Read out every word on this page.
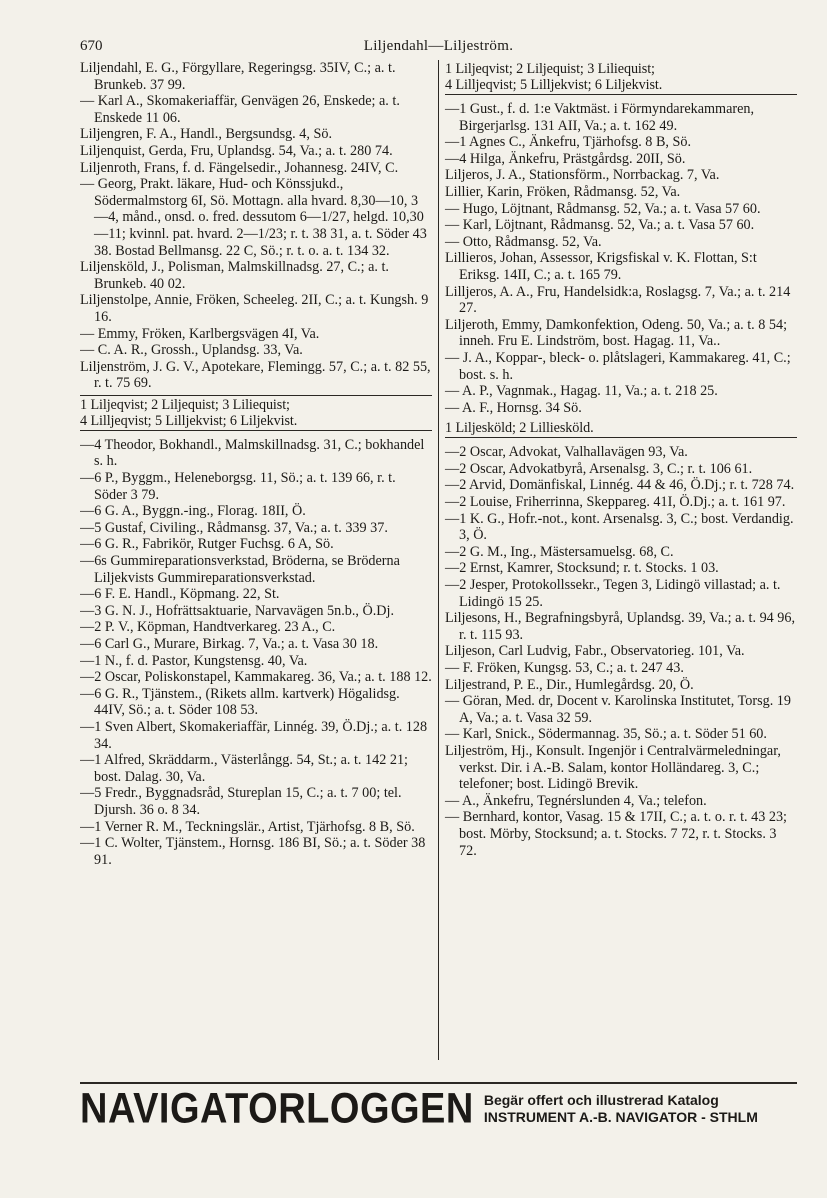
670	Liljendahl—Liljeström.

Liljendahl, E. G., Förgyllare, Regeringsg. 35IV, C.; a. t. Brunkeb. 37 99.

— Karl A., Skomakeriaffär, Genvägen 26, Enskede; a. t. Enskede 11 06.

Liljengren, F. A., Handl., Bergsundsg. 4, Sö.

Liljenquist, Gerda, Fru, Uplandsg. 54, Va.; a. t. 280 74.

Liljenroth, Frans, f. d. Fängelsedir., Johannesg. 24IV, C.

— Georg, Prakt. läkare, Hud- och Könssjukd., Södermalmstorg 6I, Sö. Mottagn. alla hvard. 8,30—10, 3—4, månd., onsd. o. fred. dessutom 6—1/27, helgd. 10,30—11; kvinnl. pat. hvard. 2—1/23; r. t. 38 31, a. t. Söder 43 38. Bostad Bellmansg. 22 C, Sö.; r. t. o. a. t. 134 32.

Liljensköld, J., Polisman, Malmskillnadsg. 27, C.; a. t. Brunkeb. 40 02.

Liljenstolpe, Annie, Fröken, Scheeleg. 2II, C.; a. t. Kungsh. 9 16.

— Emmy, Fröken, Karlbergsvägen 4I, Va.

— C. A. R., Grossh., Uplandsg. 33, Va.

Liljenström, J. G. V., Apotekare, Flemingg. 57, C.; a. t. 82 55, r. t. 75 69.

1 Liljeqvist; 2 Liljequist; 3 Liliequist;
4 Lilljeqvist; 5 Lilljekvist; 6 Liljekvist.

—4 Theodor, Bokhandl., Malmskillnadsg. 31, C.; bokhandel s. h.

—6 P., Byggm., Heleneborgsg. 11, Sö.; a. t. 139 66, r. t. Söder 3 79.

—6 G. A., Byggn.-ing., Florag. 18II, Ö.

—5 Gustaf, Civiling., Rådmansg. 37, Va.; a. t. 339 37.

—6 G. R., Fabrikör, Rutger Fuchsg. 6 A, Sö.

—6s Gummireparationsverkstad, Bröderna, se Bröderna Liljekvists Gummireparationsverkstad.

—6 F. E. Handl., Köpmang. 22, St.

—3 G. N. J., Hofrättsaktuarie, Narvavägen 5n.b., Ö.Dj.

—2 P. V., Köpman, Handtverkareg. 23 A., C.

—6 Carl G., Murare, Birkag. 7, Va.; a. t. Vasa 30 18.

—1 N., f. d. Pastor, Kungstensg. 40, Va.

—2 Oscar, Poliskonstapel, Kammakareg. 36, Va.; a. t. 188 12.

—6 G. R., Tjänstem., (Rikets allm. kartverk) Högalidsg. 44IV, Sö.; a. t. Söder 108 53.

—1 Sven Albert, Skomakeriaffär, Linnég. 39, Ö.Dj.; a. t. 128 34.

—1 Alfred, Skräddarm., Västerlångg. 54, St.; a. t. 142 21; bost. Dalag. 30, Va.

—5 Fredr., Byggnadsråd, Stureplan 15, C.; a. t. 7 00; tel. Djursh. 36 o. 8 34.

—1 Verner R. M., Teckningslär., Artist, Tjärhofsg. 8 B, Sö.

—1 C. Wolter, Tjänstem., Hornsg. 186 BI, Sö.; a. t. Söder 38 91.

1 Liljeqvist; 2 Liljequist; 3 Liliequist;
4 Lilljeqvist; 5 Lilljekvist; 6 Liljekvist.

—1 Gust., f. d. 1:e Vaktmäst. i Förmyndarekammaren, Birgerjarlsg. 131 AII, Va.; a. t. 162 49.

—1 Agnes C., Änkefru, Tjärhofsg. 8 B, Sö.

—4 Hilga, Änkefru, Prästgårdsg. 20II, Sö.

Liljeros, J. A., Stationsförm., Norrbackag. 7, Va.

Lillier, Karin, Fröken, Rådmansg. 52, Va.

— Hugo, Löjtnant, Rådmansg. 52, Va.; a. t. Vasa 57 60.

— Karl, Löjtnant, Rådmansg. 52, Va.; a. t. Vasa 57 60.

— Otto, Rådmansg. 52, Va.

Lillieros, Johan, Assessor, Krigsfiskal v. K. Flottan, S:t Eriksg. 14II, C.; a. t. 165 79.

Lilljeros, A. A., Fru, Handelsidk:a, Roslagsg. 7, Va.; a. t. 214 27.

Liljeroth, Emmy, Damkonfektion, Odeng. 50, Va.; a. t. 8 54; inneh. Fru E. Lindström, bost. Hagag. 11, Va..

— J. A., Koppar-, bleck- o. plåtslageri, Kammakareg. 41, C.; bost. s. h.

— A. P., Vagnmak., Hagag. 11, Va.; a. t. 218 25.

— A. F., Hornsg. 34 Sö.

1 Liljesköld; 2 Lilliesköld.

—2 Oscar, Advokat, Valhallavägen 93, Va.

—2 Oscar, Advokatbyrå, Arsenalsg. 3, C.; r. t. 106 61.

—2 Arvid, Domänfiskal, Linnég. 44 & 46, Ö.Dj.; r. t. 728 74.

—2 Louise, Friherrinna, Skeppareg. 41I, Ö.Dj.; a. t. 161 97.

—1 K. G., Hofr.-not., kont. Arsenalsg. 3, C.; bost. Verdandig. 3, Ö.

—2 G. M., Ing., Mästersamuelsg. 68, C.

—2 Ernst, Kamrer, Stocksund; r. t. Stocks. 1 03.

—2 Jesper, Protokollssekr., Tegen 3, Lidingö villastad; a. t. Lidingö 15 25.

Liljesons, H., Begrafningsbyrå, Uplandsg. 39, Va.; a. t. 94 96, r. t. 115 93.

Liljeson, Carl Ludvig, Fabr., Observatorieg. 101, Va.

— F. Fröken, Kungsg. 53, C.; a. t. 247 43.

Liljestrand, P. E., Dir., Humlegårdsg. 20, Ö.

— Göran, Med. dr, Docent v. Karolinska Institutet, Torsg. 19 A, Va.; a. t. Vasa 32 59.

— Karl, Snick., Södermannag. 35, Sö.; a. t. Söder 51 60.

Liljeström, Hj., Konsult. Ingenjör i Centralvärmeledningar, verkst. Dir. i A.-B. Salam, kontor Holländareg. 3, C.; telefoner; bost. Lidingö Brevik.

— A., Änkefru, Tegnérslunden 4, Va.; telefon.

— Bernhard, kontor, Vasag. 15 & 17II, C.; a. t. o. r. t. 43 23; bost. Mörby, Stocksund; a. t. Stocks. 7 72, r. t. Stocks. 3 72.

NAVIGATORLOGGEN Begär offert och illustrerad Katalog
INSTRUMENT A.-B. NAVIGATOR - STHLM
